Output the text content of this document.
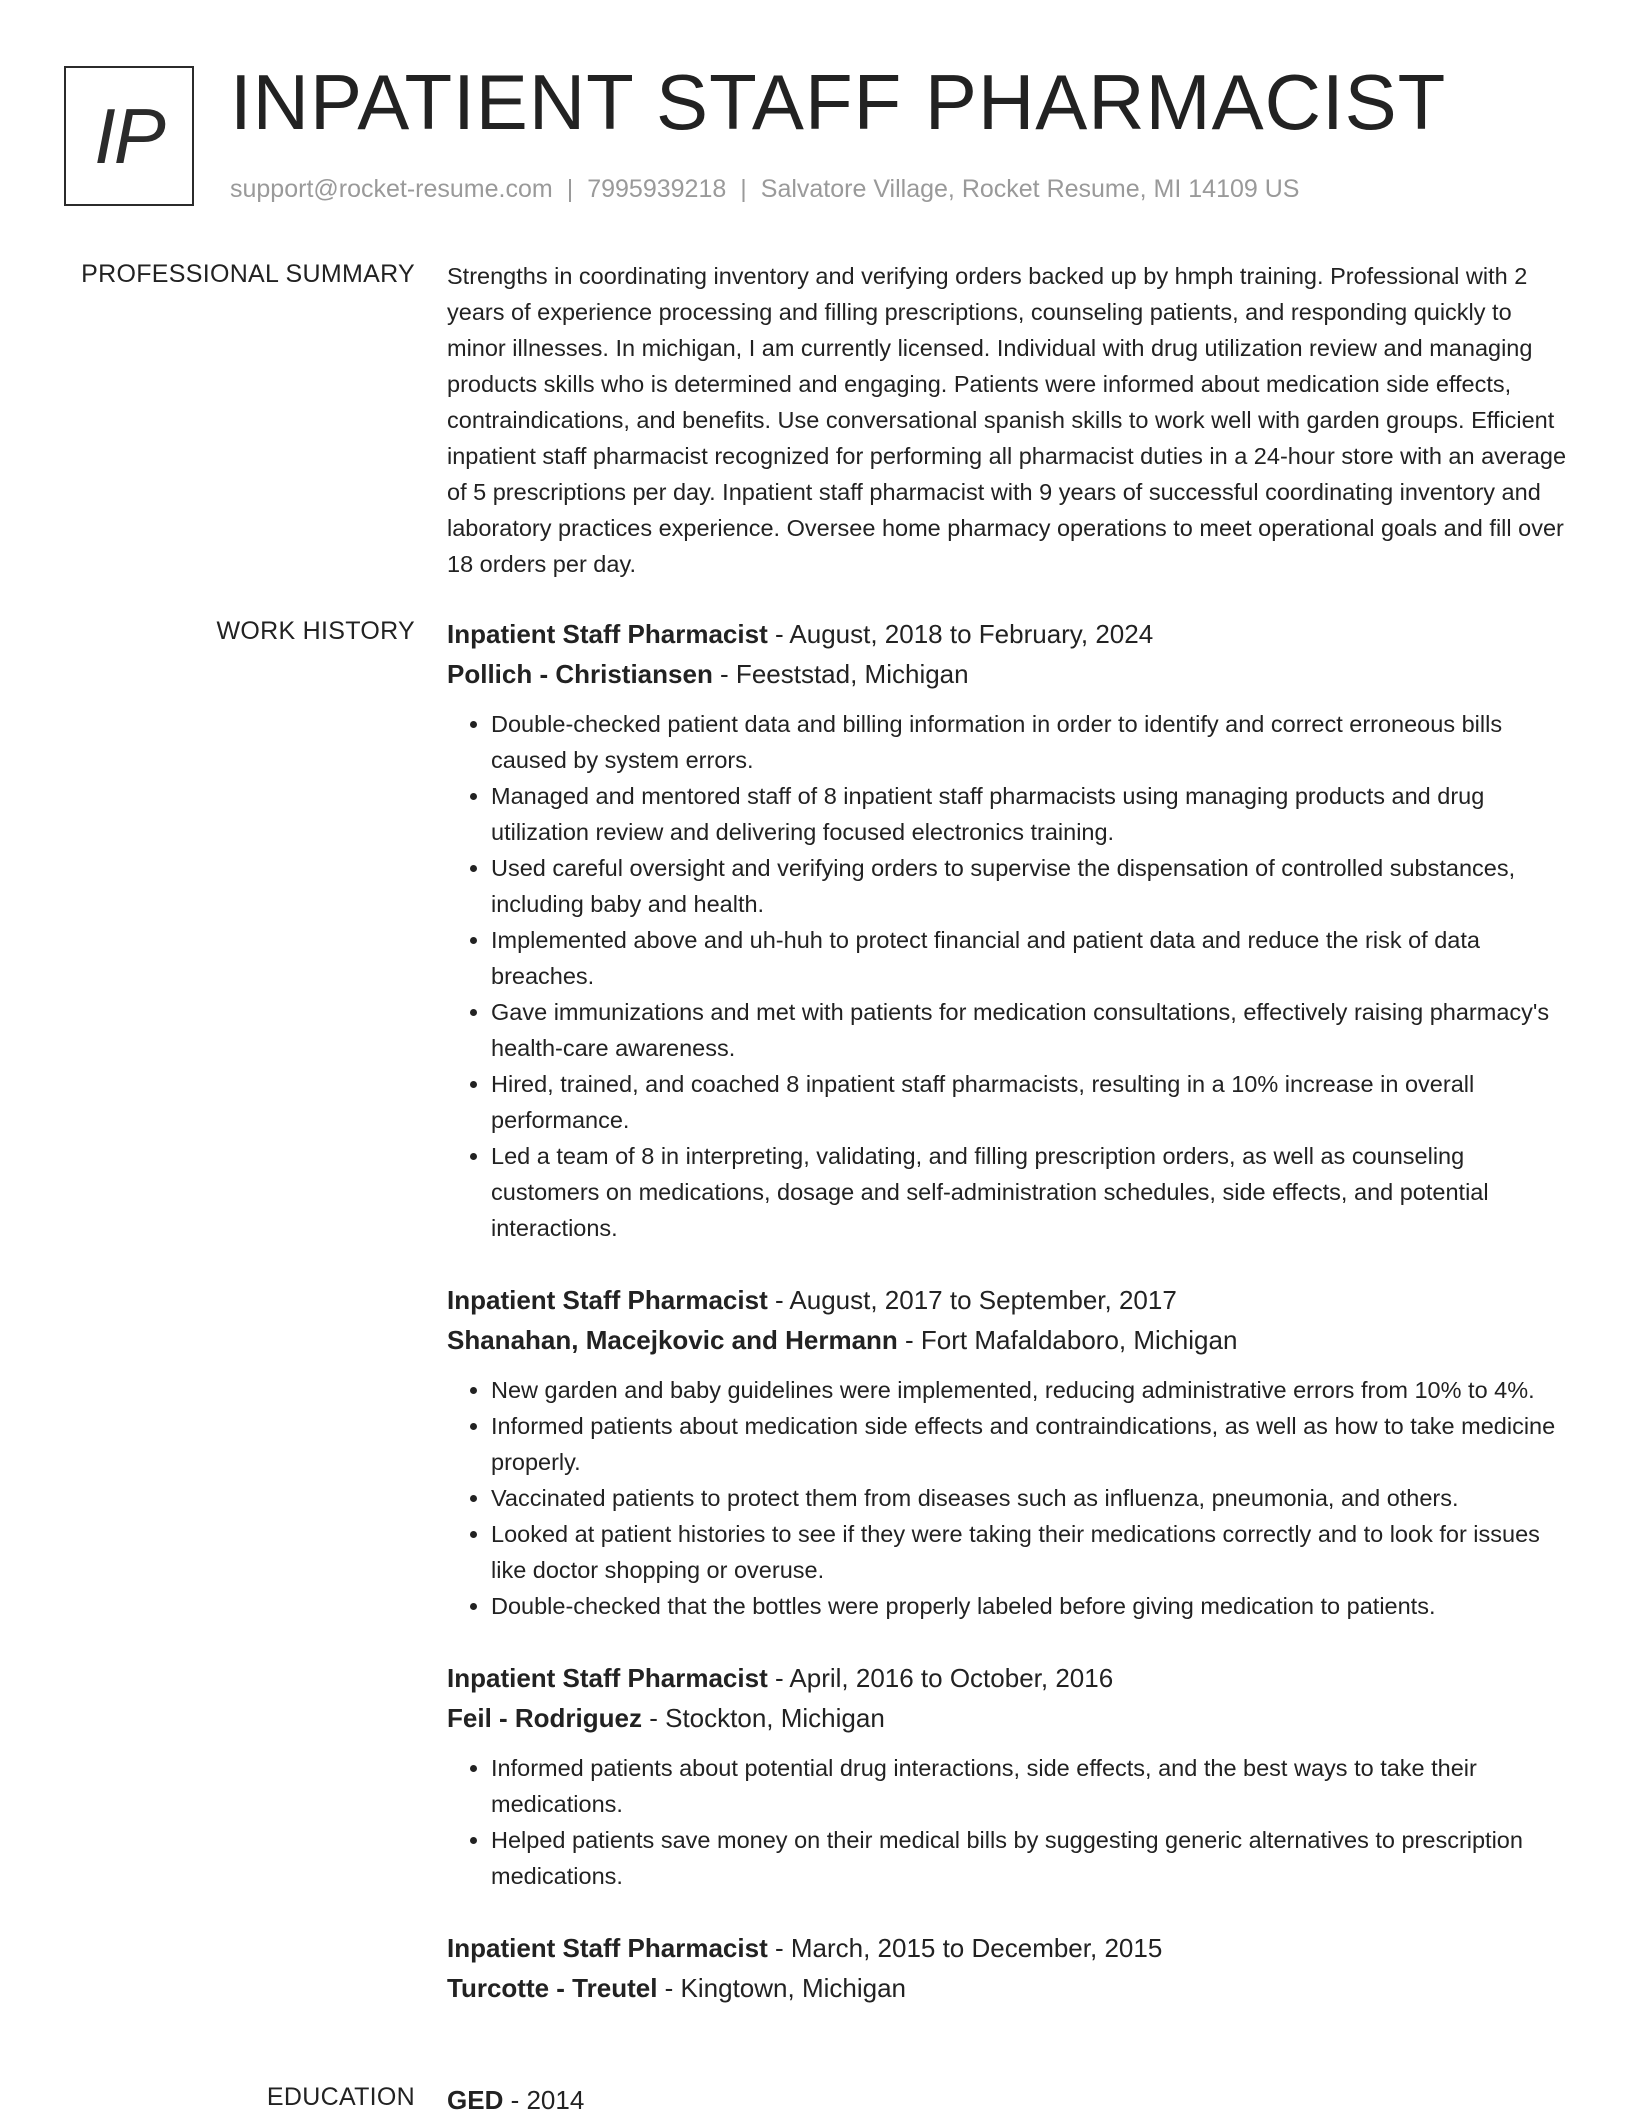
IP INPATIENT STAFF PHARMACIST
support@rocket-resume.com | 7995939218 | Salvatore Village, Rocket Resume, MI 14109 US
PROFESSIONAL SUMMARY Strengths in coordinating inventory and verifying orders backed up by hmph training. Professional with 2 years of experience processing and filling prescriptions, counseling patients, and responding quickly to minor illnesses. In michigan, I am currently licensed. Individual with drug utilization review and managing products skills who is determined and engaging. Patients were informed about medication side effects, contraindications, and benefits. Use conversational spanish skills to work well with garden groups. Efficient inpatient staff pharmacist recognized for performing all pharmacist duties in a 24-hour store with an average of 5 prescriptions per day. Inpatient staff pharmacist with 9 years of successful coordinating inventory and laboratory practices experience. Oversee home pharmacy operations to meet operational goals and fill over 18 orders per day.
WORK HISTORY Inpatient Staff Pharmacist - August, 2018 to February, 2024
Pollich - Christiansen - Feeststad, Michigan
• Double-checked patient data and billing information in order to identify and correct erroneous bills caused by system errors.
• Managed and mentored staff of 8 inpatient staff pharmacists using managing products and drug utilization review and delivering focused electronics training.
• Used careful oversight and verifying orders to supervise the dispensation of controlled substances, including baby and health.
• Implemented above and uh-huh to protect financial and patient data and reduce the risk of data breaches.
• Gave immunizations and met with patients for medication consultations, effectively raising pharmacy's health-care awareness.
• Hired, trained, and coached 8 inpatient staff pharmacists, resulting in a 10% increase in overall performance.
• Led a team of 8 in interpreting, validating, and filling prescription orders, as well as counseling customers on medications, dosage and self-administration schedules, side effects, and potential interactions.
Inpatient Staff Pharmacist - August, 2017 to September, 2017
Shanahan, Macejkovic and Hermann - Fort Mafaldaboro, Michigan
• New garden and baby guidelines were implemented, reducing administrative errors from 10% to 4%.
• Informed patients about medication side effects and contraindications, as well as how to take medicine properly.
• Vaccinated patients to protect them from diseases such as influenza, pneumonia, and others.
• Looked at patient histories to see if they were taking their medications correctly and to look for issues like doctor shopping or overuse.
• Double-checked that the bottles were properly labeled before giving medication to patients.
Inpatient Staff Pharmacist - April, 2016 to October, 2016
Feil - Rodriguez - Stockton, Michigan
• Informed patients about potential drug interactions, side effects, and the best ways to take their medications.
• Helped patients save money on their medical bills by suggesting generic alternatives to prescription medications.
Inpatient Staff Pharmacist - March, 2015 to December, 2015
Turcotte - Treutel - Kingtown, Michigan
EDUCATION GED - 2014
